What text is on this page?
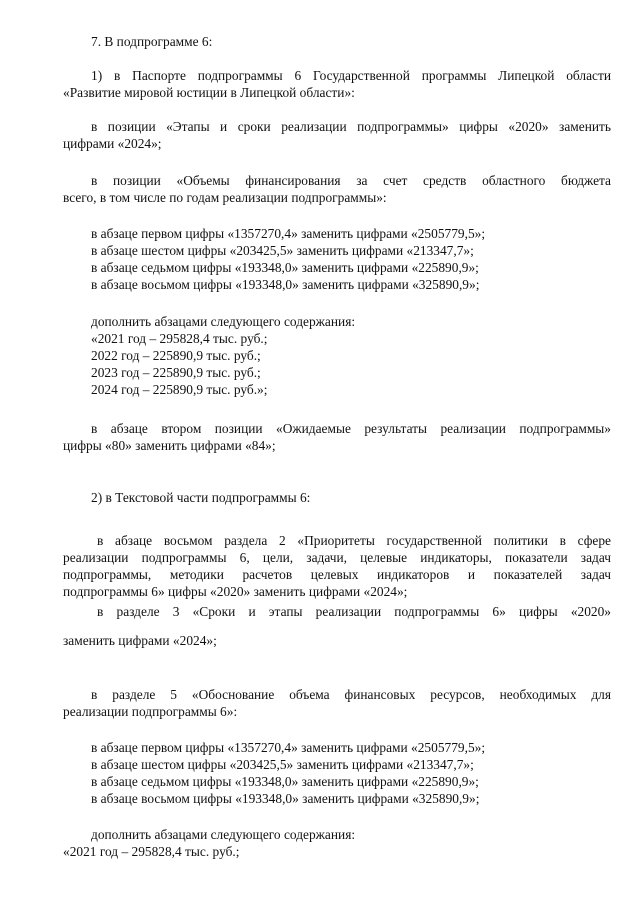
7. В подпрограмме 6:
1) в Паспорте подпрограммы 6 Государственной программы Липецкой области
«Развитие мировой юстиции в Липецкой области»:
в позиции «Этапы и сроки реализации подпрограммы» цифры «2020» заменить
цифрами «2024»;
в позиции «Объемы финансирования за счет средств областного бюджета
всего, в том числе по годам реализации подпрограммы»:
в абзаце первом цифры «1357270,4» заменить цифрами «2505779,5»;
в абзаце шестом цифры «203425,5» заменить цифрами «213347,7»;
в абзаце седьмом цифры «193348,0» заменить цифрами «225890,9»;
в абзаце восьмом цифры «193348,0» заменить цифрами «325890,9»;
дополнить абзацами следующего содержания:
«2021 год – 295828,4 тыс. руб.;
2022 год – 225890,9 тыс. руб.;
2023 год – 225890,9 тыс. руб.;
2024 год – 225890,9 тыс. руб.»;
в абзаце втором позиции «Ожидаемые результаты реализации подпрограммы»
цифры «80» заменить цифрами «84»;
2) в Текстовой части подпрограммы 6:
в абзаце восьмом раздела 2 «Приоритеты государственной политики в сфере
реализации подпрограммы 6, цели, задачи, целевые индикаторы, показатели задач
подпрограммы, методики расчетов целевых индикаторов и показателей задач
подпрограммы 6» цифры «2020» заменить цифрами «2024»;
в разделе 3 «Сроки и этапы реализации подпрограммы 6» цифры «2020»
заменить цифрами «2024»;
в разделе 5 «Обоснование объема финансовых ресурсов, необходимых для
реализации подпрограммы 6»:
в абзаце первом цифры «1357270,4» заменить цифрами «2505779,5»;
в абзаце шестом цифры «203425,5» заменить цифрами «213347,7»;
в абзаце седьмом цифры «193348,0» заменить цифрами «225890,9»;
в абзаце восьмом цифры «193348,0» заменить цифрами «325890,9»;
дополнить абзацами следующего содержания:
«2021 год – 295828,4 тыс. руб.;
